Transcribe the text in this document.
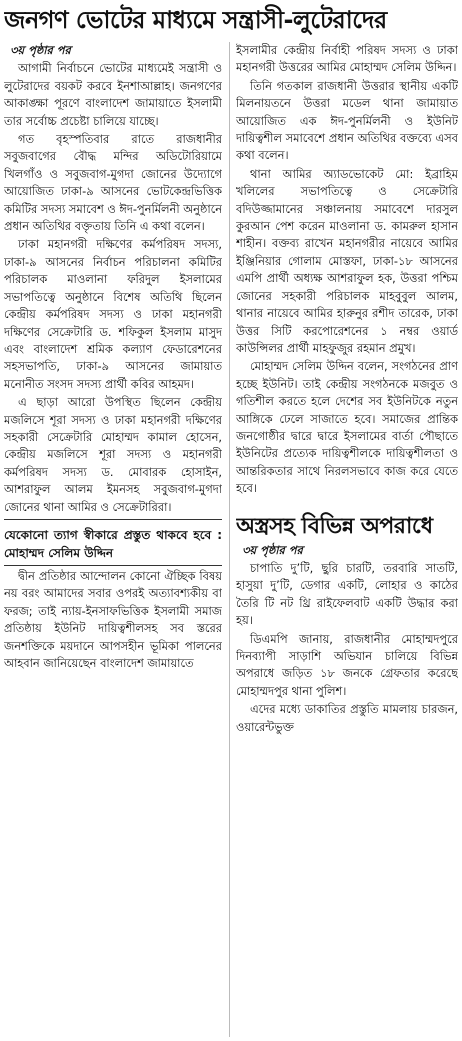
জনগণ ভোটের মাধ্যমে সন্ত্রাসী-লুটেরাদের
৩য় পৃষ্ঠার পর

আগামী নির্বাচনে ভোটের মাধ্যমেই সন্ত্রাসী ও লুটেরাদের বয়কট করবে ইনশাআল্লাহ। জনগণের আকাঙ্ক্ষা পূরণে বাংলাদেশ জামায়াতে ইসলামী তার সর্বোচ্চ প্রচেষ্টা চালিয়ে যাচ্ছে।

গত বৃহস্পতিবার রাতে রাজধানীর সবুজবাগের বৌদ্ধ মন্দির অডিটোরিয়ামে খিলগাঁও ও সবুজবাগ-মুগদা জোনের উদ্যোগে আয়োজিত ঢাকা-৯ আসনের ভোটকেন্দ্রভিত্তিক কমিটির সদস্য সমাবেশ ও ঈদ-পুনর্মিলনী অনুষ্ঠানে প্রধান অতিথির বক্তৃতায় তিনি এ কথা বলেন।

ঢাকা মহানগরী দক্ষিণের কর্মপরিষদ সদস্য, ঢাকা-৯ আসনের নির্বাচন পরিচালনা কমিটির পরিচালক মাওলানা ফরিদুল ইসলামের সভাপতিত্বে অনুষ্ঠানে বিশেষ অতিথি ছিলেন কেন্দ্রীয় কর্মপরিষদ সদস্য ও ঢাকা মহানগরী দক্ষিণের সেক্রেটারি ড. শফিকুল ইসলাম মাসুদ এবং বাংলাদেশ শ্রমিক কল্যাণ ফেডারেশনের সহসভাপতি, ঢাকা-৯ আসনের জামায়াত মনোনীত সংসদ সদস্য প্রার্থী কবির আহমদ।

এ ছাড়া আরো উপস্থিত ছিলেন কেন্দ্রীয় মজলিসে শূরা সদস্য ও ঢাকা মহানগরী দক্ষিণের সহকারী সেক্রেটারি মোহাম্মদ কামাল হোসেন, কেন্দ্রীয় মজলিসে শূরা সদস্য ও মহানগরী কর্মপরিষদ সদস্য ড. মোবারক হোসাইন, আশরাফুল আলম ইমনসহ সবুজবাগ-মুগদা জোনের থানা আমির ও সেক্রেটারিরা।

যেকোনো ত্যাগ স্বীকারে প্রস্তুত থাকবে হবে : মোহাম্মদ সেলিম উদ্দিন

দ্বীন প্রতিষ্ঠার আন্দোলন কোনো ঐচ্ছিক বিষয় নয় বরং আমাদের সবার ওপরই অত্যাবশ্যকীয় বা ফরজ; তাই ন্যায়-ইনসাফভিত্তিক ইসলামী সমাজ প্রতিষ্ঠায় ইউনিট দায়িত্বশীলসহ সব স্তরের জনশক্তিকে ময়দানে আপসহীন ভূমিকা পালনের আহবান জানিয়েছেন বাংলাদেশ জামায়াতে

ইসলামীর কেন্দ্রীয় নির্বাহী পরিষদ সদস্য ও ঢাকা মহানগরী উত্তরের আমির মোহাম্মদ সেলিম উদ্দিন।

তিনি গতকাল রাজধানী উত্তরার স্থানীয় একটি মিলনায়তনে উত্তরা মডেল থানা জামায়াত আয়োজিত এক ঈদ-পুনর্মিলনী ও ইউনিট দায়িত্বশীল সমাবেশে প্রধান অতিথির বক্তব্যে এসব কথা বলেন।

থানা আমির অ্যাডভোকেট মো: ইব্রাহিম খলিলের সভাপতিত্বে ও সেক্রেটারি বদিউজ্জামানের সঞ্চালনায় সমাবেশে দারসুল কুরআন পেশ করেন মাওলানা ড. কামরুল হাসান শাহীন। বক্তব্য রাখেন মহানগরীর নায়েবে আমির ইঞ্জিনিয়ার গোলাম মোস্তফা, ঢাকা-১৮ আসনের এমপি প্রার্থী অধ্যক্ষ আশরাফুল হক, উত্তরা পশ্চিম জোনের সহকারী পরিচালক মাহবুবুল আলম, থানার নায়েবে আমির হারুনুর রশীদ তারেক, ঢাকা উত্তর সিটি করপোরেশনের ১ নম্বর ওয়ার্ড কাউন্সিলর প্রার্থী মাহফুজুর রহমান প্রমুখ।

মোহাম্মদ সেলিম উদ্দিন বলেন, সংগঠনের প্রাণ হচ্ছে ইউনিট। তাই কেন্দ্রীয় সংগঠনকে মজবুত ও গতিশীল করতে হলে দেশের সব ইউনিটকে নতুন আঙ্গিকে ঢেলে সাজাতে হবে। সমাজের প্রান্তিক জনগোষ্ঠীর দ্বারে দ্বারে ইসলামের বার্তা পৌছাতে ইউনিটের প্রত্যেক দায়িত্বশীলকে দায়িত্বশীলতা ও আন্তরিকতার সাথে নিরলসভাবে কাজ করে যেতে হবে।

অস্ত্রসহ বিভিন্ন অপরাধে
৩য় পৃষ্ঠার পর

চাপাতি দু’টি, ছুরি চারটি, তরবারি সাতটি, হাসুয়া দু’টি, ডেগার একটি, লোহার ও কাঠের তৈরি টি নট থ্রি রাইফেলবাট একটি উদ্ধার করা হয়।

ডিএমপি জানায়, রাজধানীর মোহাম্মদপুরে দিনব্যাপী সাড়াশি অভিযান চালিয়ে বিভিন্ন অপরাধে জড়িত ১৮ জনকে গ্রেফতার করেছে মোহাম্মদপুর থানা পুলিশ।

এদের মধ্যে ডাকাতির প্রস্তুতি মামলায় চারজন, ওয়ারেন্টভুক্ত
